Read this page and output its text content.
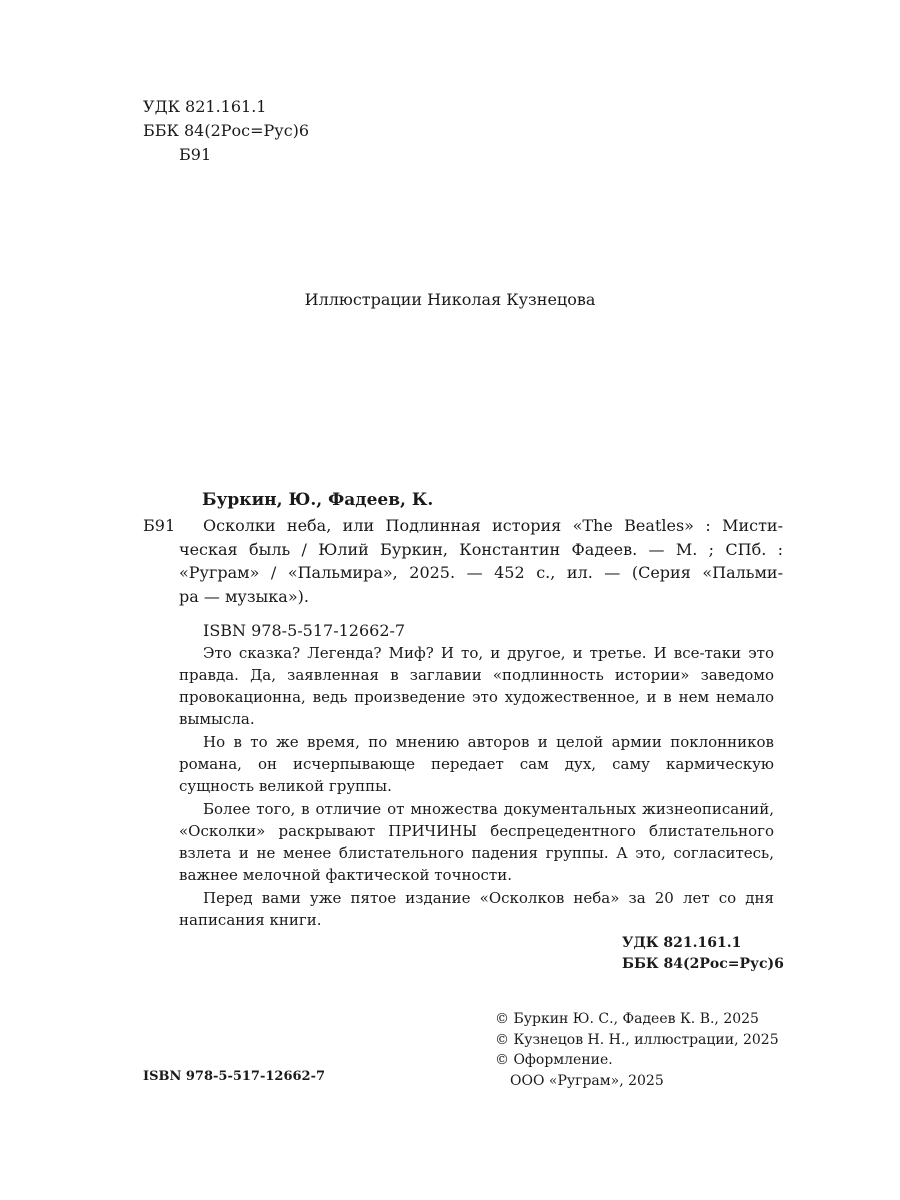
УДК 821.161.1
ББК 84(2Рос=Рус)6
Б91
Иллюстрации Николая Кузнецова
Буркин, Ю., Фадеев, К.
Б91	Осколки неба, или Подлинная история «The Beatles» : Мисти-
ческая быль / Юлий Буркин, Константин Фадеев. — М. ; СПб. :
«Ругрaм» / «Пальмира», 2025. — 452 с., ил. — (Серия «Пальми-
ра — музыка»).
ISBN 978-5-517-12662-7

Это сказка? Легенда? Миф? И то, и другое, и третье. И все-таки это правда. Да, заявленная в заглавии «подлинность истории» заведомо провокационна, ведь произведение это художественное, и в нем немало вымысла.

Но в то же время, по мнению авторов и целой армии поклонников романа, он исчерпывающе передает сам дух, саму кармическую сущность великой группы.

Более того, в отличие от множества документальных жизнеописаний, «Осколки» раскрывают ПРИЧИНЫ беспрецедентного блистательного взлета и не менее блистательного падения группы. А это, согласитесь, важнее мелочной фактической точности.

Перед вами уже пятое издание «Осколков неба» за 20 лет со дня написания книги.

УДК 821.161.1
ББК 84(2Рос=Рус)6
© Буркин Ю. С., Фадеев К. В., 2025
© Кузнецов Н. Н., иллюстрации, 2025
© Оформление.
ООО «Ругрaм», 2025
ISBN 978-5-517-12662-7
